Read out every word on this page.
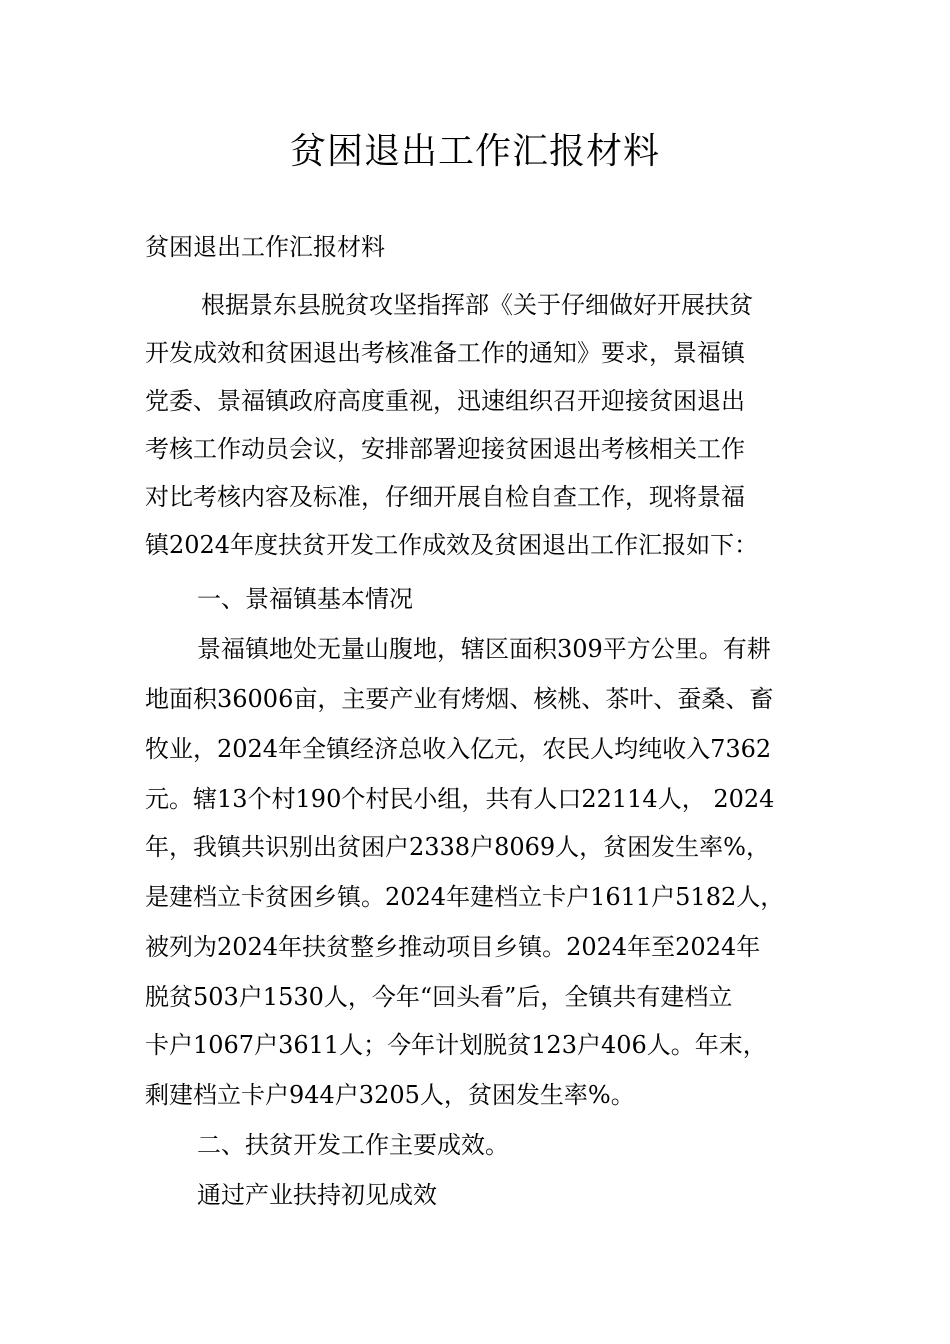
贫困退出工作汇报材料
贫困退出工作汇报材料
根据景东县脱贫攻坚指挥部《关于仔细做好开展扶贫
开发成效和贫困退出考核准备工作的通知》要求，景福镇
党委、景福镇政府高度重视，迅速组织召开迎接贫困退出
考核工作动员会议，安排部署迎接贫困退出考核相关工作
对比考核内容及标准，仔细开展自检自查工作，现将景福
镇2024年度扶贫开发工作成效及贫困退出工作汇报如下：
一、景福镇基本情况
景福镇地处无量山腹地，辖区面积309平方公里。有耕
地面积36006亩，主要产业有烤烟、核桃、茶叶、蚕桑、畜
牧业，2024年全镇经济总收入亿元，农民人均纯收入7362
元。辖13个村190个村民小组，共有人口22114人， 2024
年，我镇共识别出贫困户2338户8069人，贫困发生率%，
是建档立卡贫困乡镇。2024年建档立卡户1611户5182人，
被列为2024年扶贫整乡推动项目乡镇。2024年至2024年
脱贫503户1530人，今年“回头看”后，全镇共有建档立
卡户1067户3611人；今年计划脱贫123户406人。年末，
剩建档立卡户944户3205人，贫困发生率%。
二、扶贫开发工作主要成效。
通过产业扶持初见成效
